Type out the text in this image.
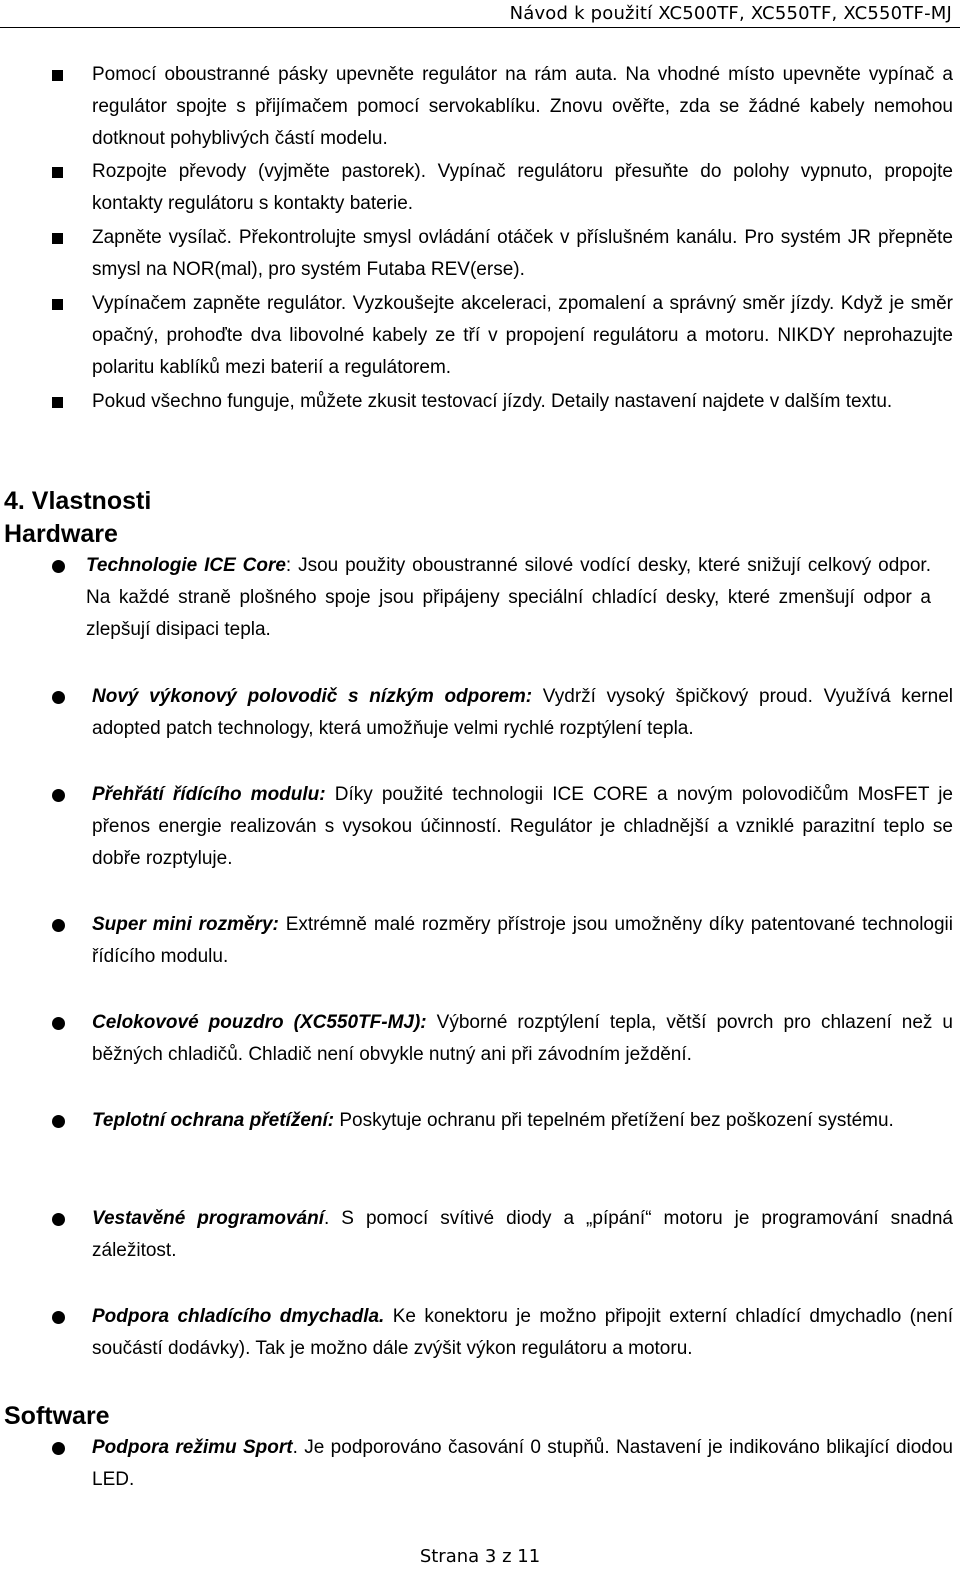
Návod k použití XC500TF, XC550TF, XC550TF-MJ
Pomocí oboustranné pásky upevněte regulátor na rám auta. Na vhodné místo upevněte vypínač a regulátor spojte s přijímačem pomocí servokablíku. Znovu ověřte, zda se žádné kabely nemohou dotknout pohyblivých částí modelu.
Rozpojte převody (vyjměte pastorek). Vypínač regulátoru přesuňte do polohy vypnuto, propojte kontakty regulátoru s kontakty baterie.
Zapněte vysílač. Překontrolujte smysl ovládání otáček v příslušném kanálu. Pro systém JR přepněte smysl na NOR(mal), pro systém Futaba REV(erse).
Vypínačem zapněte regulátor. Vyzkoušejte akceleraci, zpomalení a správný směr jízdy. Když je směr opačný, prohoďte dva libovolné kabely ze tří v propojení regulátoru a motoru. NIKDY neprohazujte polaritu kablíků mezi baterií a regulátorem.
Pokud všechno funguje, můžete zkusit testovací jízdy. Detaily nastavení najdete v dalším textu.
4. Vlastnosti
Hardware
Technologie ICE Core: Jsou použity oboustranné silové vodící desky, které snižují celkový odpor. Na každé straně plošného spoje jsou připájeny speciální chladící desky, které zmenšují odpor a zlepšují disipaci tepla.
Nový výkonový polovodič s nízkým odporem: Vydrží vysoký špičkový proud. Využívá kernel adopted patch technology, která umožňuje velmi rychlé rozptýlení tepla.
Přehřátí řídícího modulu: Díky použité technologii ICE CORE a novým polovodičům MosFET je přenos energie realizován s vysokou účinností. Regulátor je chladnější a vzniklé parazitní teplo se dobře rozptyluje.
Super mini rozměry: Extrémně malé rozměry přístroje jsou umožněny díky patentované technologii řídícího modulu.
Celokovové pouzdro (XC550TF-MJ): Výborné rozptýlení tepla, větší povrch pro chlazení než u běžných chladičů. Chladič není obvykle nutný ani při závodním ježdění.
Teplotní ochrana přetížení: Poskytuje ochranu při tepelném přetížení bez poškození systému.
Vestavěné programování. S pomocí svítivé diody a „pípání“ motoru je programování snadná záležitost.
Podpora chladícího dmychadla. Ke konektoru je možno připojit externí chladící dmychadlo (není součástí dodávky). Tak je možno dále zvýšit výkon regulátoru a motoru.
Software
Podpora režimu Sport. Je podporováno časování 0 stupňů. Nastavení je indikováno blikající diodou LED.
Strana 3 z 11
